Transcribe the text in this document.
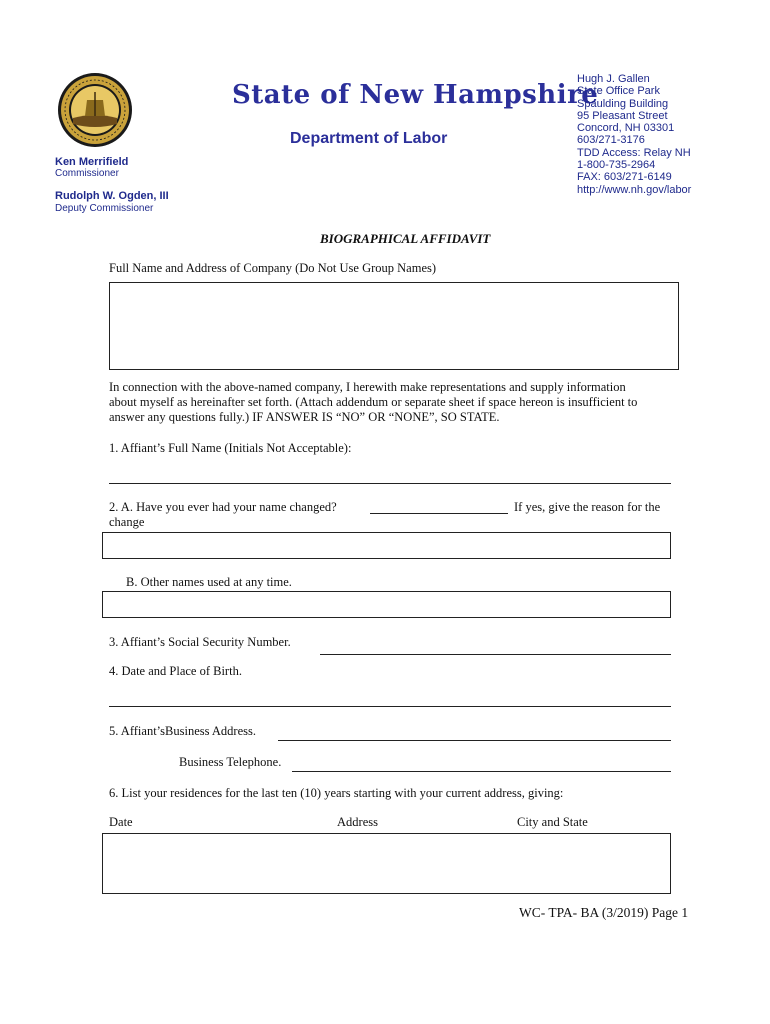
State of New Hampshire
Department of Labor
Ken Merrifield
Commissioner
Rudolph W. Ogden, III
Deputy Commissioner
Hugh J. Gallen
State Office Park
Spaulding Building
95 Pleasant Street
Concord, NH 03301
603/271-3176
TDD Access: Relay NH
1-800-735-2964
FAX: 603/271-6149
http://www.nh.gov/labor
BIOGRAPHICAL AFFIDAVIT
Full Name and Address of Company (Do Not Use Group Names)
In connection with the above-named company, I herewith make representations and supply information
about myself as hereinafter set forth. (Attach addendum or separate sheet if space hereon is insufficient to
answer any questions fully.) IF ANSWER IS “NO” OR “NONE”, SO STATE.
1. Affiant’s Full Name (Initials Not Acceptable):
2. A. Have you ever had your name changed?	If yes, give the reason for the
change
B. Other names used at any time.
3. Affiant’s Social Security Number.
4. Date and Place of Birth.
5. Affiant’sBusiness Address.
Business Telephone.
6. List your residences for the last ten (10) years starting with your current address, giving:
Date	Address	City and State
WC- TPA- BA (3/2019) Page 1
